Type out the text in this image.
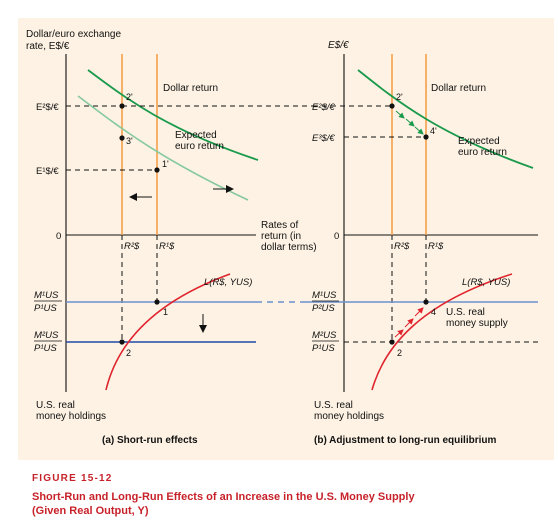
Dollar/euro exchange
rate, E$/€
E²$/€
E¹$/€
0
Dollar return
Expected
euro return
2'
3'
1'
R²$ R¹$
M¹US
P¹US
M²US
P¹US
L(R$, YUS)
1
2
U.S. real
money holdings
(a) Short-run effects
Rates of
return (in
dollar terms)
E$/€
E²$/€
E³$/€
0
Dollar return
Expected
euro return
2'
4'
R²$ R¹$
M¹US
P²US
M²US
P¹US
L(R$, YUS)
4
2
U.S. real
money supply
U.S. real
money holdings
(b) Adjustment to long-run equilibrium
FIGURE 15-12
Short-Run and Long-Run Effects of an Increase in the U.S. Money Supply
(Given Real Output, Y)
